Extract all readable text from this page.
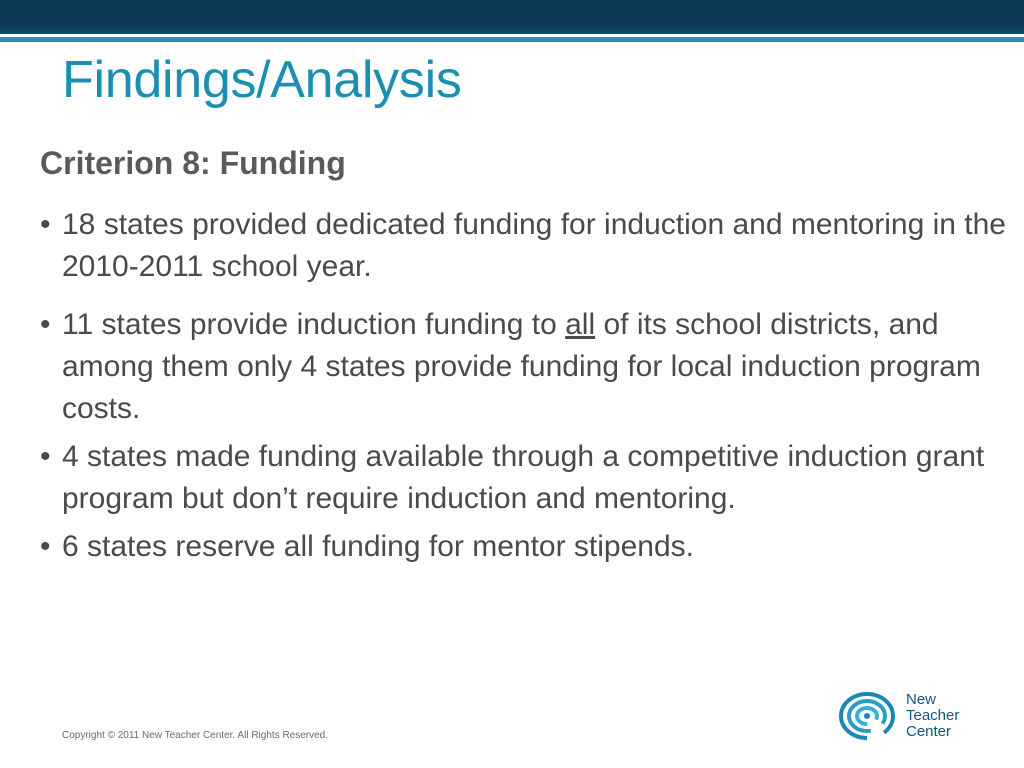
Findings/Analysis
Criterion 8: Funding
• 18 states provided dedicated funding for induction and mentoring in the 2010-2011 school year.
• 11 states provide induction funding to all of its school districts, and among them only 4 states provide funding for local induction program costs.
• 4 states made funding available through a competitive induction grant program but don’t require induction and mentoring.
• 6 states reserve all funding for mentor stipends.
Copyright © 2011 New Teacher Center. All Rights Reserved.
New
Teacher
Center
